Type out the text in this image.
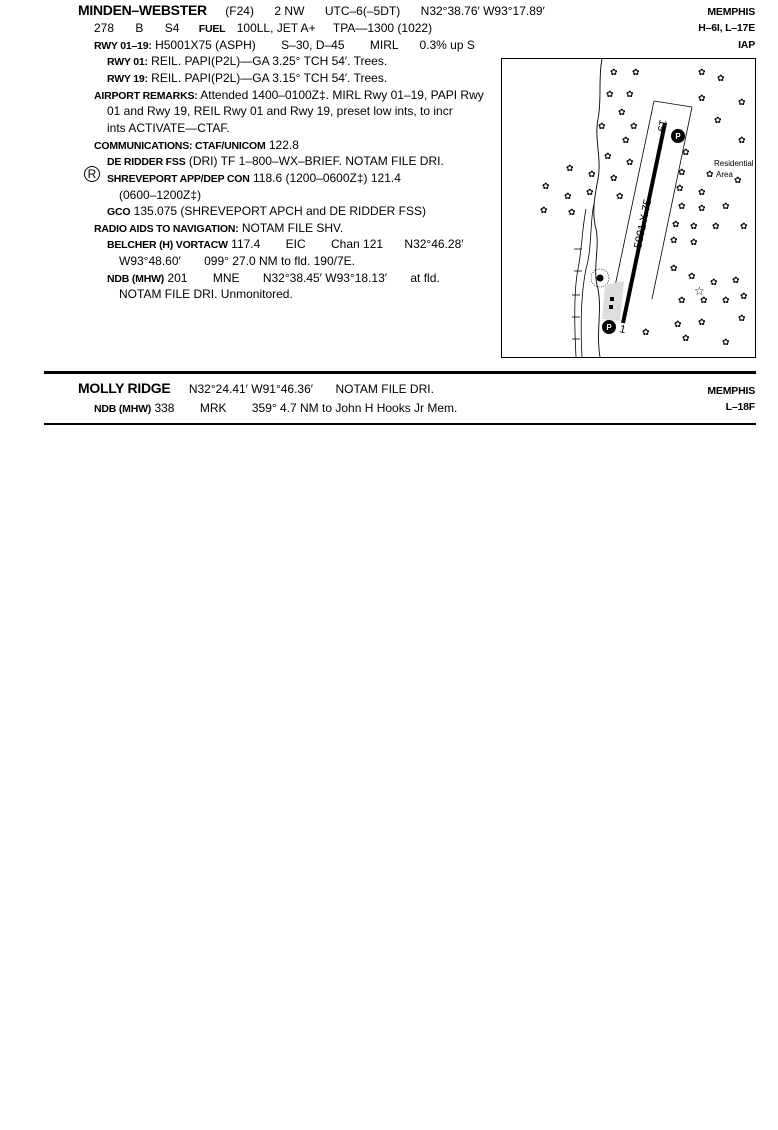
MINDEN–WEBSTER (F24) 2 NW UTC–6(–5DT) N32°38.76′ W93°17.89′	MEMPHIS
H–6I, L–17E
IAP
278 B S4 FUEL 100LL, JET A+ TPA—1300 (1022)
RWY 01–19: H5001X75 (ASPH) S–30, D–45 MIRL 0.3% up S
RWY 01: REIL. PAPI(P2L)—GA 3.25° TCH 54′. Trees.
RWY 19: REIL. PAPI(P2L)—GA 3.15° TCH 54′. Trees.
AIRPORT REMARKS: Attended 1400–0100Z‡. MIRL Rwy 01–19, PAPI Rwy
01 and Rwy 19, REIL Rwy 01 and Rwy 19, preset low ints, to incr
ints ACTIVATE—CTAF.
COMMUNICATIONS: CTAF/UNICOM 122.8
DE RIDDER FSS (DRI) TF 1–800–WX–BRIEF. NOTAM FILE DRI.
R	SHREVEPORT APP/DEP CON 118.6 (1200–0600Z‡) 121.4
(0600–1200Z‡)
GCO 135.075 (SHREVEPORT APCH and DE RIDDER FSS)
RADIO AIDS TO NAVIGATION: NOTAM FILE SHV.
BELCHER (H) VORTACW 117.4 EIC Chan 121 N32°46.28′
W93°48.60′ 099° 27.0 NM to fld. 190/7E.
NDB (MHW) 201 MNE N32°38.45′ W93°18.13′ at fld.
NOTAM FILE DRI. Unmonitored.
P
P
5001 X 75
19
1
Residential
Area
☆
✿ ✿	✿
✿
✿ ✿
✿
✿
✿
✿	✿
✿
✿	✿
✿
✿
✿
✿
✿ ✿
✿
✿
✿
✿
✿ ✿
✿ ✿
✿	✿
✿
✿
✿ ✿
✿
✿ ✿ ✿
✿ ✿
✿
✿
✿ ✿
✿ ✿ ✿
✿
✿ ✿	✿
✿
✿	✿
MOLLY RIDGE N32°24.41′ W91°46.36′ NOTAM FILE DRI.	MEMPHIS
L–18F
NDB (MHW) 338 MRK 359° 4.7 NM to John H Hooks Jr Mem.
